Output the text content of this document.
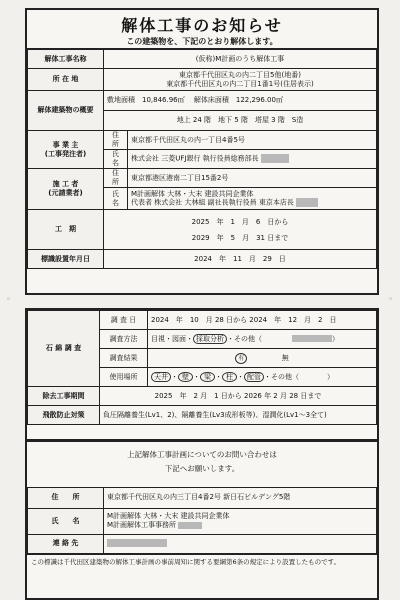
解体工事のお知らせ
この建築物を、下記のとおり解体します。
解体工事名称	(仮称)M計画のうち解体工事	
所 在 地	東京都千代田区丸の内二丁目5他(地番)
東京都千代田区丸の内二丁目1番1号(住居表示)	

解体建築物の概要	敷地面積　10,846.96㎡　 解体床面積　122,296.00㎡	
	地上 24 階　地下 5 階　塔屋 3 階　S造	

事 業 主
(工事発注者)	住　所	東京都千代田区丸の内一丁目4番5号
	氏　名	株式会社 三菱UFJ銀行 執行役員総務部長

施 工 者
(元請業者)	住　所	東京都港区港南二丁目15番2号
	氏　名	M計画解体 大林・大末 建設共同企業体
代表者 株式会社 大林組 副社長執行役員 東京本店長

工　期	2025　年　1　月　6　日から
2029　年　5　月　31 日まで	

標識設置年月日	2024　年　11　月　29　日	
石 綿 調 査	調 査 日	2024　年　10　月 28 日から 2024　年　12　月　2　日
	調査方法	目視・図面・ 採取分析 ・その他（ ）
	調査結果	有 無
	使用場所	天井 ・ 壁 ・ 梁 ・ 柱 ・ 配管 ・その他（　　　　）
除去工事期間	2025　年　2 月　1 日から 2026 年 2 月 28 日まで	
飛散防止対策	負圧隔離養生(Lv1、2)、隔離養生(Lv3成形板等)、湿潤化(Lv1～3全て)	
上記解体工事計画についてのお問い合わせは
下記へお願いします。
住　　所	東京都千代田区丸の内三丁目4番2号 新日石ビルデング5階
氏　　名	M計画解体 大林・大末 建設共同企業体
M計画解体工事事務所

連 絡 先	
この標識は千代田区建築物の解体工事計画の事前周知に関する要綱第6条の規定により設置したものです。
◦	◦
